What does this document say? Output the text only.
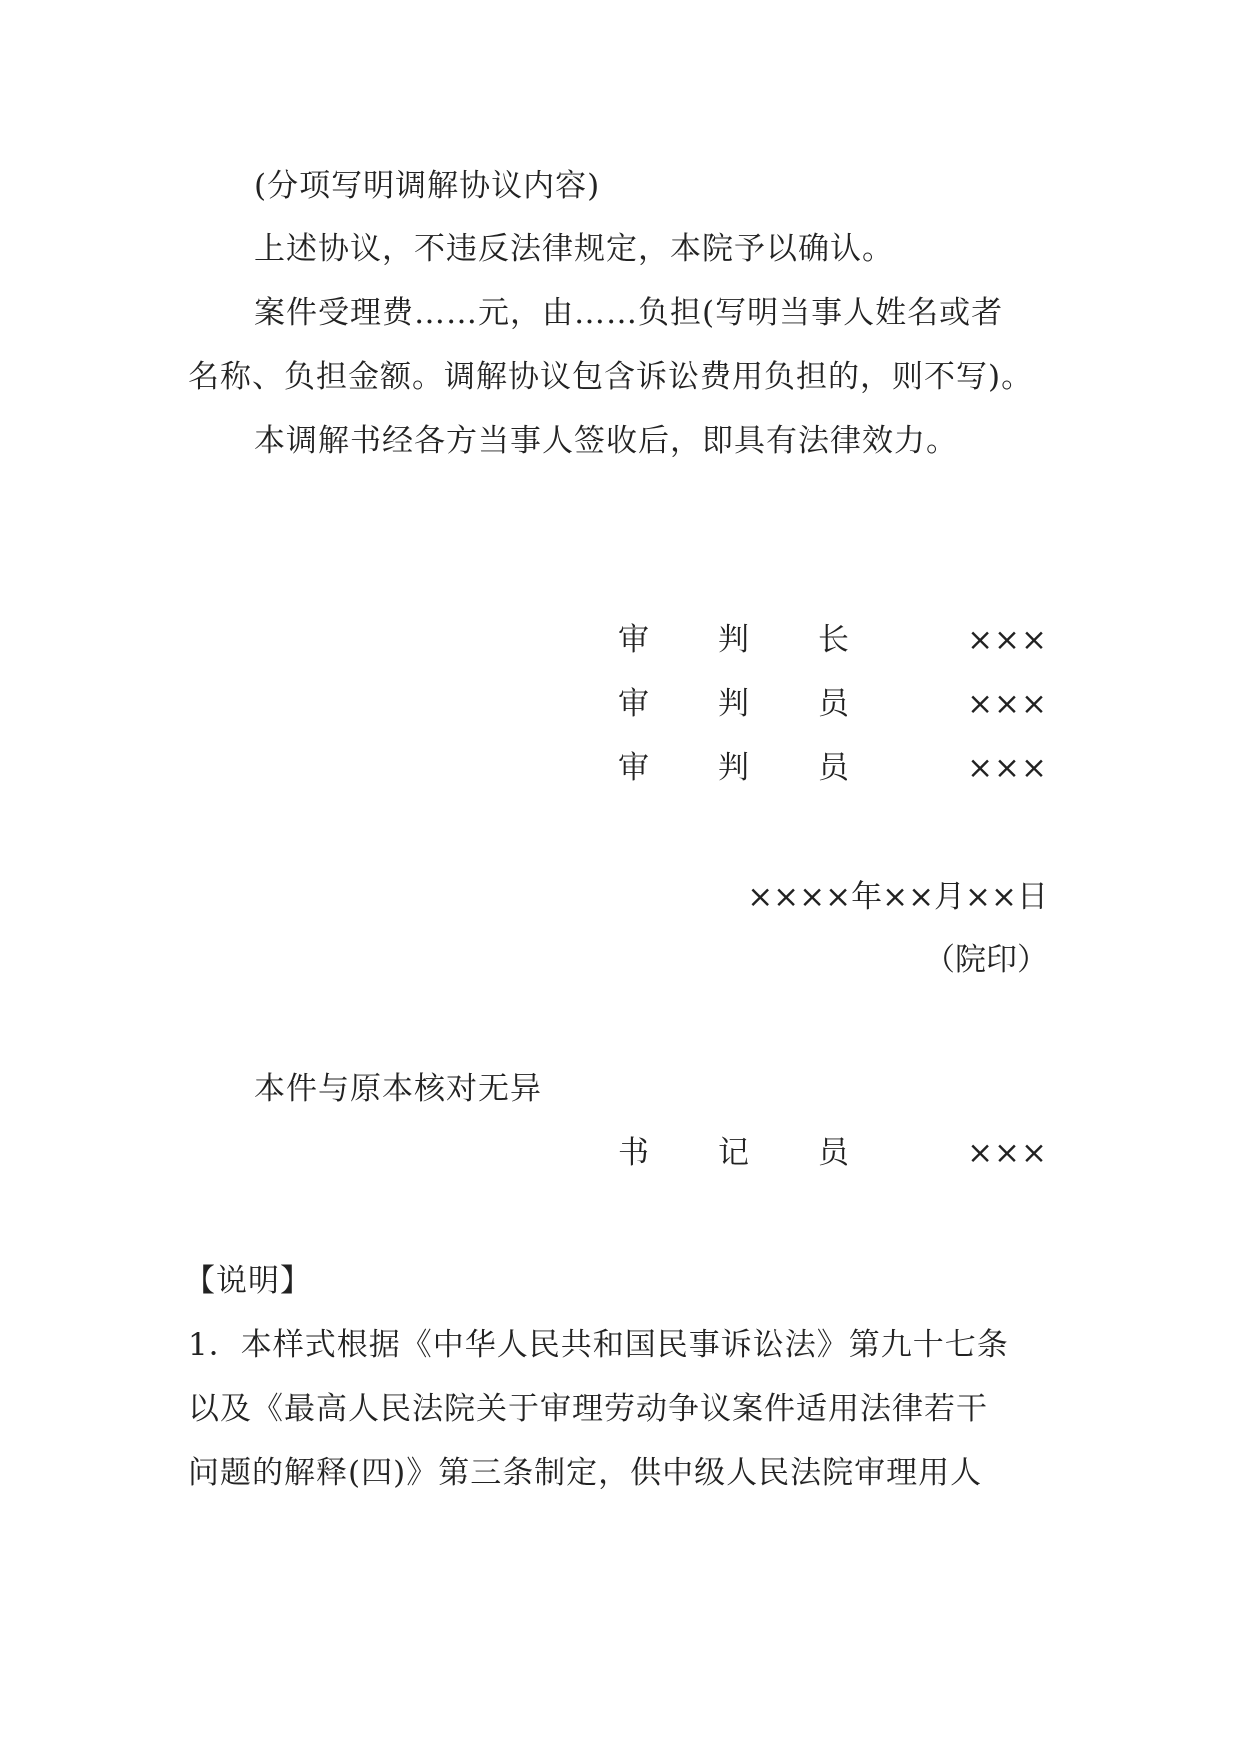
(分项写明调解协议内容)
上述协议，不违反法律规定，本院予以确认。
案件受理费……元，由……负担(写明当事人姓名或者
名称、负担金额。调解协议包含诉讼费用负担的，则不写)。
本调解书经各方当事人签收后，即具有法律效力。
审 判 长	×××
审 判 员	×××
审 判 员	×××
××××年××月××日
（院印）
本件与原本核对无异
书 记 员	×××
【说明】
1．本样式根据《中华人民共和国民事诉讼法》第九十七条
以及《最高人民法院关于审理劳动争议案件适用法律若干
问题的解释(四)》第三条制定，供中级人民法院审理用人
